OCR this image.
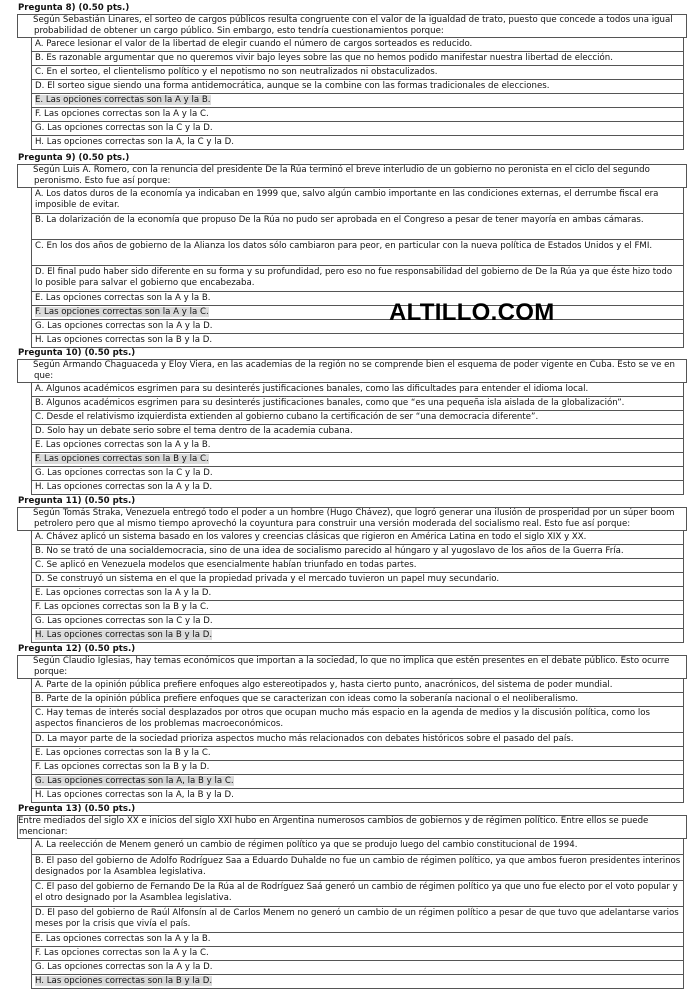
Pregunta 8) (0.50 pts.)
Según Sebastián Linares, el sorteo de cargos públicos resulta congruente con el valor de la igualdad de trato, puesto que concede a todos una igual probabilidad de obtener un cargo público. Sin embargo, esto tendría cuestionamientos porque:
A. Parece lesionar el valor de la libertad de elegir cuando el número de cargos sorteados es reducido.
B. Es razonable argumentar que no queremos vivir bajo leyes sobre las que no hemos podido manifestar nuestra libertad de elección.
C. En el sorteo, el clientelismo político y el nepotismo no son neutralizados ni obstaculizados.
D. El sorteo sigue siendo una forma antidemocrática, aunque se la combine con las formas tradicionales de elecciones.
E. Las opciones correctas son la A y la B.
F. Las opciones correctas son la A y la C.
G. Las opciones correctas son la C y la D.
H. Las opciones correctas son la A, la C y la D.
Pregunta 9) (0.50 pts.)
Según Luis A. Romero, con la renuncia del presidente De la Rúa terminó el breve interludio de un gobierno no peronista en el ciclo del segundo peronismo. Esto fue así porque:
A. Los datos duros de la economía ya indicaban en 1999 que, salvo algún cambio importante en las condiciones externas, el derrumbe fiscal era imposible de evitar.
B. La dolarización de la economía que propuso De la Rúa no pudo ser aprobada en el Congreso a pesar de tener mayoría en ambas cámaras.
C. En los dos años de gobierno de la Alianza los datos sólo cambiaron para peor, en particular con la nueva política de Estados Unidos y el FMI.
D. El final pudo haber sido diferente en su forma y su profundidad, pero eso no fue responsabilidad del gobierno de De la Rúa ya que éste hizo todo lo posible para salvar el gobierno que encabezaba.
E. Las opciones correctas son la A y la B.
F. Las opciones correctas son la A y la C.
G. Las opciones correctas son la A y la D.
H. Las opciones correctas son la B y la D.
Pregunta 10) (0.50 pts.)
Según Armando Chaguaceda y Eloy Viera, en las academias de la región no se comprende bien el esquema de poder vigente en Cuba. Esto se ve en que:
A. Algunos académicos esgrimen para su desinterés justificaciones banales, como las dificultades para entender el idioma local.
B. Algunos académicos esgrimen para su desinterés justificaciones banales, como que “es una pequeña isla aislada de la globalización”.
C. Desde el relativismo izquierdista extienden al gobierno cubano la certificación de ser “una democracia diferente”.
D. Solo hay un debate serio sobre el tema dentro de la academia cubana.
E. Las opciones correctas son la A y la B.
F. Las opciones correctas son la B y la C.
G. Las opciones correctas son la C y la D.
H. Las opciones correctas son la A y la D.
Pregunta 11) (0.50 pts.)
Según Tomás Straka, Venezuela entregó todo el poder a un hombre (Hugo Chávez), que logró generar una ilusión de prosperidad por un súper boom petrolero pero que al mismo tiempo aprovechó la coyuntura para construir una versión moderada del socialismo real. Esto fue así porque:
A. Chávez aplicó un sistema basado en los valores y creencias clásicas que rigieron en América Latina en todo el siglo XIX y XX.
B. No se trató de una socialdemocracia, sino de una idea de socialismo parecido al húngaro y al yugoslavo de los años de la Guerra Fría.
C. Se aplicó en Venezuela modelos que esencialmente habían triunfado en todas partes.
D. Se construyó un sistema en el que la propiedad privada y el mercado tuvieron un papel muy secundario.
E. Las opciones correctas son la A y la D.
F. Las opciones correctas son la B y la C.
G. Las opciones correctas son la C y la D.
H. Las opciones correctas son la B y la D.
Pregunta 12) (0.50 pts.)
Según Claudio Iglesias, hay temas económicos que importan a la sociedad, lo que no implica que estén presentes en el debate público. Esto ocurre porque:
A. Parte de la opinión pública prefiere enfoques algo estereotipados y, hasta cierto punto, anacrónicos, del sistema de poder mundial.
B. Parte de la opinión pública prefiere enfoques que se caracterizan con ideas como la soberanía nacional o el neoliberalismo.
C. Hay temas de interés social desplazados por otros que ocupan mucho más espacio en la agenda de medios y la discusión política, como los aspectos financieros de los problemas macroeconómicos.
D. La mayor parte de la sociedad prioriza aspectos mucho más relacionados con debates históricos sobre el pasado del país.
E. Las opciones correctas son la B y la C.
F. Las opciones correctas son la B y la D.
G. Las opciones correctas son la A, la B y la C.
H. Las opciones correctas son la A, la B y la D.
Pregunta 13) (0.50 pts.)
Entre mediados del siglo XX e inicios del siglo XXI hubo en Argentina numerosos cambios de gobiernos y de régimen político. Entre ellos se puede mencionar:
A. La reelección de Menem generó un cambio de régimen político ya que se produjo luego del cambio constitucional de 1994.
B. El paso del gobierno de Adolfo Rodríguez Saa a Eduardo Duhalde no fue un cambio de régimen político, ya que ambos fueron presidentes interinos designados por la Asamblea legislativa.
C. El paso del gobierno de Fernando De la Rúa al de Rodríguez Saá generó un cambio de régimen político ya que uno fue electo por el voto popular y el otro designado por la Asamblea legislativa.
D. El paso del gobierno de Raúl Alfonsín al de Carlos Menem no generó un cambio de un régimen político a pesar de que tuvo que adelantarse varios meses por la crisis que vivía el país.
E. Las opciones correctas son la A y la B.
F. Las opciones correctas son la A y la C.
G. Las opciones correctas son la A y la D.
H. Las opciones correctas son la B y la D.
ALTILLO.COM
